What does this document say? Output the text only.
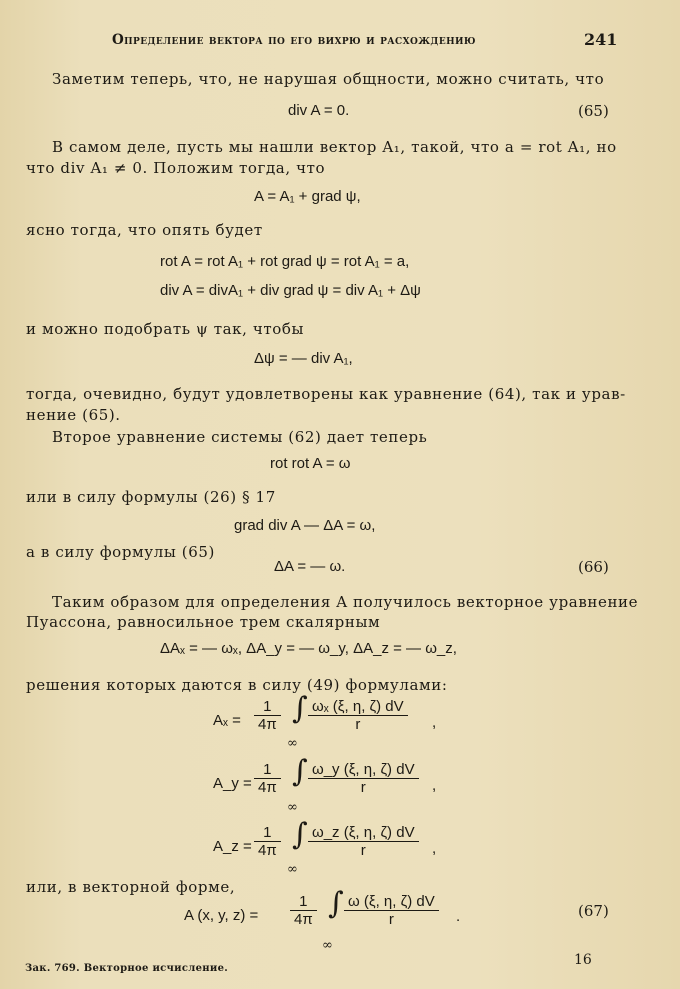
Определение вектора по его вихрю и расхождению	241
Заметим теперь, что, не нарушая общности, можно считать, что
div A = 0.	(65)
В самом деле, пусть мы нашли вектор A₁, такой, что a = rot A₁, но
что div A₁ ≠ 0. Положим тогда, что
A = A₁ + grad ψ,
ясно тогда, что опять будет
rot A = rot A₁ + rot grad ψ = rot A₁ = a,
div A = divA₁ + div grad ψ = div A₁ + Δψ
и можно подобрать ψ так, чтобы
Δψ = — div A₁,
тогда, очевидно, будут удовлетворены как уравнение (64), так и урав-
нение (65).
Второе уравнение системы (62) дает теперь
rot rot A = ω
или в силу формулы (26) § 17
grad div A — ΔA = ω,
а в силу формулы (65)
ΔA = — ω.	(66)
Таким образом для определения A получилось векторное уравнение
Пуассона, равносильное трем скалярным
ΔAₓ = — ωₓ, ΔA_y = — ω_y, ΔA_z = — ω_z,
решения которых даются в силу (49) формулами:
$A_x = \frac{1}{4\pi}$ ∫
∞
$\frac{\text{ωₓ (ξ, η, ζ) dV}}{r}$ ,
A_y = $\frac{1}{4\pi}$ ∫
∞
$\frac{\omega\_y (\xi, \eta, \zeta) dV}{r}$ ,
A_z = $\frac{1}{4\pi}$ ∫
∞
$\frac{\omega\_z (\xi, \eta, \zeta) dV}{r}$ ,
или, в векторной форме,
A (x, y, $z) = \frac{1}{4\pi}$ ∫
∞
$\frac{\omega (\xi, \eta, \zeta) dV}{r}$ .	(67)
16
Зак. 769. Векторное исчисление.
